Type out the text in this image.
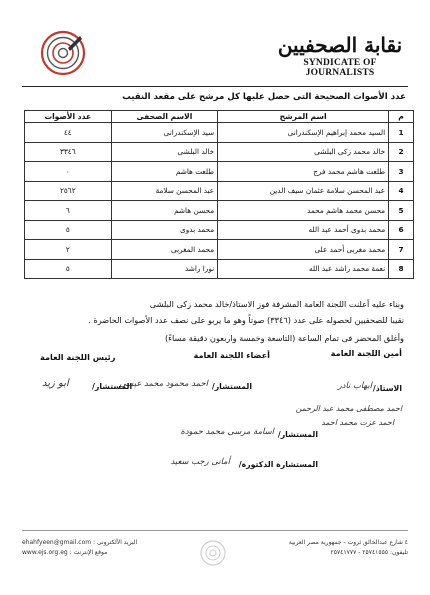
نقابة الصحفيين
SYNDICATE OF JOURNALISTS
عدد الأصوات الصحيحة التى حصل عليها كل مرشح على مقعد النقيب
م	اسم المرشح	الاسم الصحفى	عدد الأصوات
1	السيد محمد إبراهيم الإسكندرانى	سيد الإسكندرانى	٤٤
2	خالد محمد زكى البلشى	خالد البلشى	٣٣٤٦
3	طلعت هاشم محمد فرج	طلعت هاشم	٠
4	عبد المحسن سلامة عثمان سيف الدين	عبد المحسن سلامة	٢٥٦٢
5	محسن محمد هاشم محمد	محسن هاشم	٦
6	محمد بدوى أحمد عبد الله	محمد بدوى	٥
7	محمد مغربى أحمد على	محمد المغربى	٢
8	نعمة محمد راشد عبد الله	نورا راشد	٥
وبناء عليه أعلنت اللجنة العامة المشرفة فوز الاستاذ/خالد محمد زكى البلشى
نقيبا للصحفيين لحصوله على عدد (٣٣٤٦) صوتاً وهو ما يربو على نصف عدد الأصوات الحاضرة .
وأغلق المحضر فى تمام الساعة (التاسعة وخمسة واربعون دقيقة مساءً)
أمين اللجنة العامة
أعضاء اللجنة العامة
رئيس اللجنة العامة
الاستاذ/
ايهاب نادر
المستشار/
احمد محمود محمد عيسى
المستشار/
ابو زيد
احمد مصطفى محمد عبد الرحمن
احمد عزت محمد احمد
المستشار/
اسامة مرسى محمد حمودة
المستشارة الدكتورة/
أمانى رجب سعيد
ehahfyeen@gmail.com : البريد الألكترونى
www.ejs.org.eg : موقع الإنترنت
٤ شارع عبدالخالق ثروت - جمهورية مصر العربية
تليفون: ٢٥٧٤١٥٥٥ - ٢٥٧٤١٧٧٧
